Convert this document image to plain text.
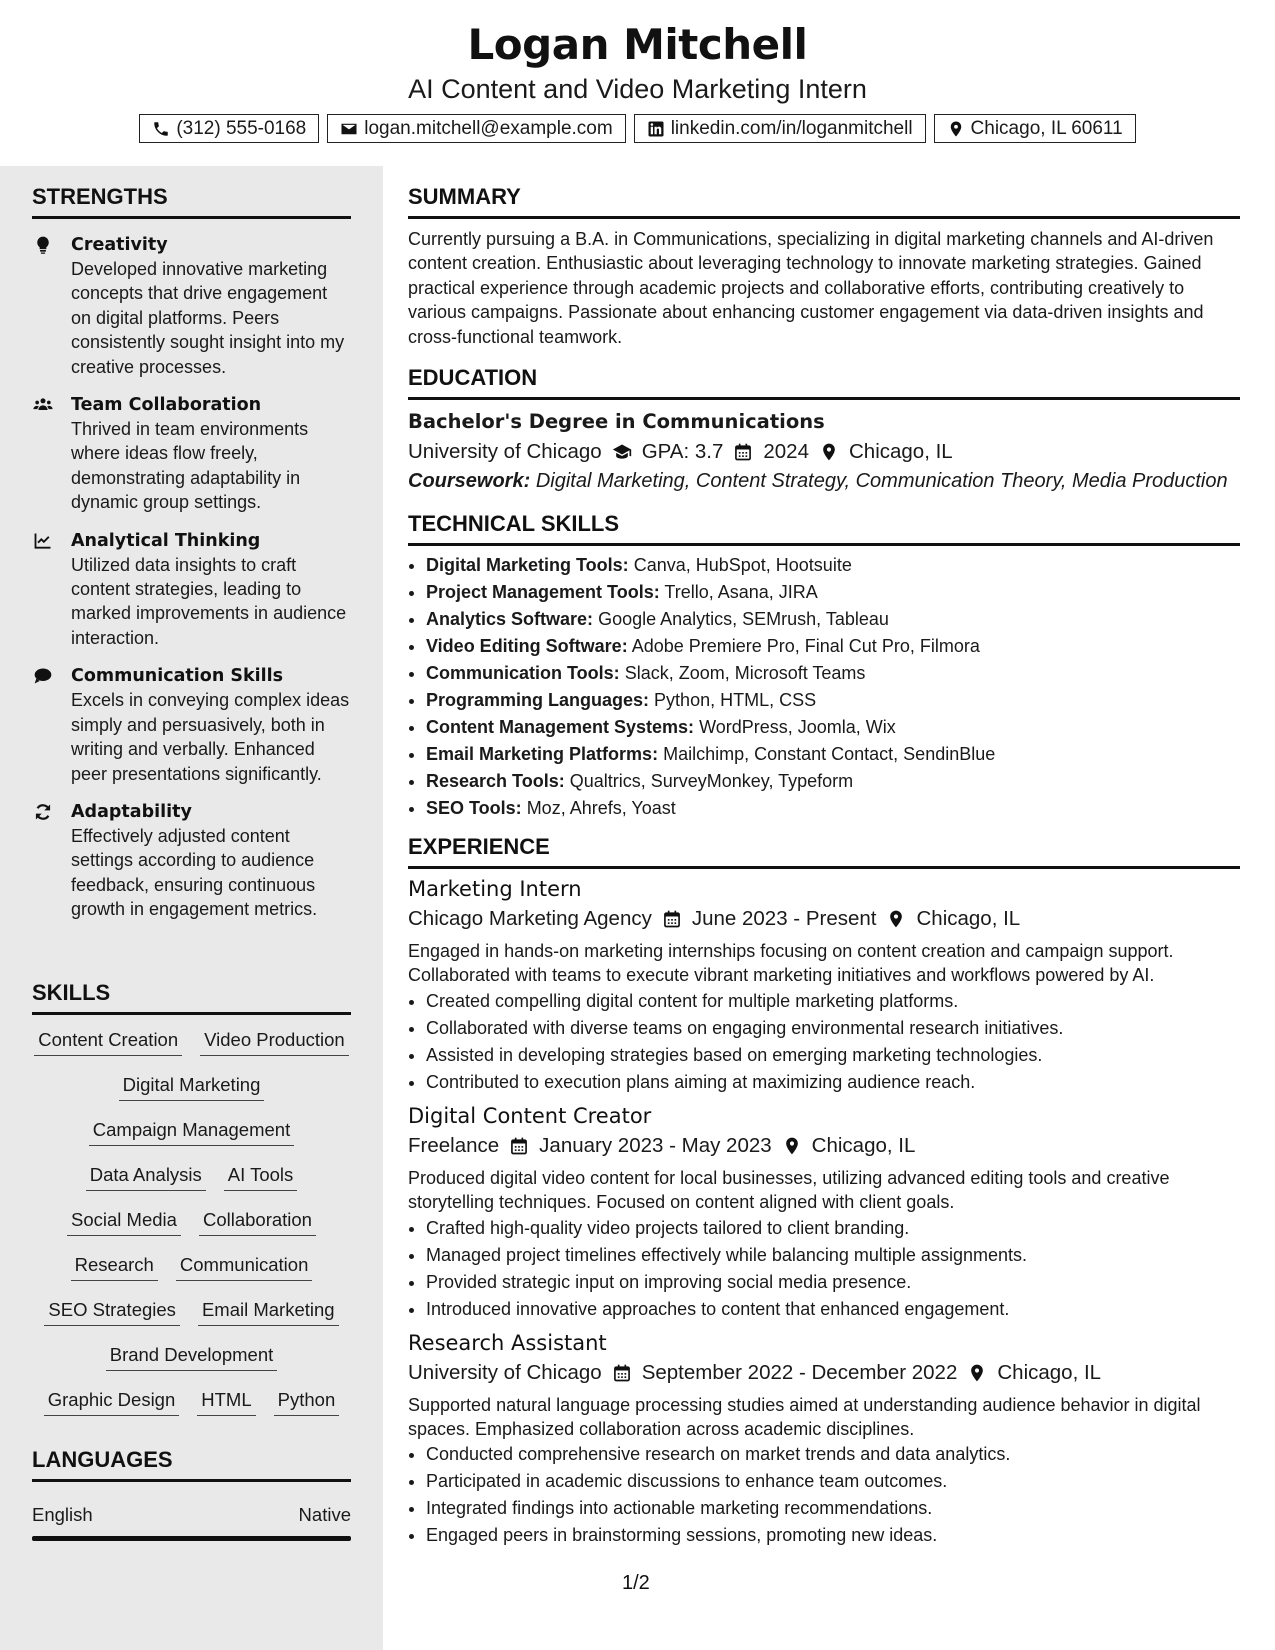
Logan Mitchell
AI Content and Video Marketing Intern
(312) 555-0168	logan.mitchell@example.com	linkedin.com/in/loganmitchell	Chicago, IL 60611
STRENGTHS
Creativity
Developed innovative marketing concepts that drive engagement on digital platforms. Peers consistently sought insight into my creative processes.
Team Collaboration
Thrived in team environments where ideas flow freely, demonstrating adaptability in dynamic group settings.
Analytical Thinking
Utilized data insights to craft content strategies, leading to marked improvements in audience interaction.
Communication Skills
Excels in conveying complex ideas simply and persuasively, both in writing and verbally. Enhanced peer presentations significantly.
Adaptability
Effectively adjusted content settings according to audience feedback, ensuring continuous growth in engagement metrics.
SKILLS
Content Creation Video Production
Digital Marketing
Campaign Management
Data Analysis AI Tools
Social Media Collaboration
Research Communication
SEO Strategies Email Marketing
Brand Development
Graphic Design HTML Python
LANGUAGES
English	Native
SUMMARY
Currently pursuing a B.A. in Communications, specializing in digital marketing channels and AI-driven content creation. Enthusiastic about leveraging technology to innovate marketing strategies. Gained practical experience through academic projects and collaborative efforts, contributing creatively to various campaigns. Passionate about enhancing customer engagement via data-driven insights and cross-functional teamwork.
EDUCATION
Bachelor's Degree in Communications
University of Chicago GPA: 3.7 2024 Chicago, IL
Coursework: Digital Marketing, Content Strategy, Communication Theory, Media Production
TECHNICAL SKILLS
• Digital Marketing Tools: Canva, HubSpot, Hootsuite
• Project Management Tools: Trello, Asana, JIRA
• Analytics Software: Google Analytics, SEMrush, Tableau
• Video Editing Software: Adobe Premiere Pro, Final Cut Pro, Filmora
• Communication Tools: Slack, Zoom, Microsoft Teams
• Programming Languages: Python, HTML, CSS
• Content Management Systems: WordPress, Joomla, Wix
• Email Marketing Platforms: Mailchimp, Constant Contact, SendinBlue
• Research Tools: Qualtrics, SurveyMonkey, Typeform
• SEO Tools: Moz, Ahrefs, Yoast
EXPERIENCE
Marketing Intern
Chicago Marketing Agency June 2023 - Present Chicago, IL
Engaged in hands-on marketing internships focusing on content creation and campaign support. Collaborated with teams to execute vibrant marketing initiatives and workflows powered by AI.
• Created compelling digital content for multiple marketing platforms.
• Collaborated with diverse teams on engaging environmental research initiatives.
• Assisted in developing strategies based on emerging marketing technologies.
• Contributed to execution plans aiming at maximizing audience reach.
Digital Content Creator
Freelance January 2023 - May 2023 Chicago, IL
Produced digital video content for local businesses, utilizing advanced editing tools and creative storytelling techniques. Focused on content aligned with client goals.
• Crafted high-quality video projects tailored to client branding.
• Managed project timelines effectively while balancing multiple assignments.
• Provided strategic input on improving social media presence.
• Introduced innovative approaches to content that enhanced engagement.
Research Assistant
University of Chicago September 2022 - December 2022 Chicago, IL
Supported natural language processing studies aimed at understanding audience behavior in digital spaces. Emphasized collaboration across academic disciplines.
• Conducted comprehensive research on market trends and data analytics.
• Participated in academic discussions to enhance team outcomes.
• Integrated findings into actionable marketing recommendations.
• Engaged peers in brainstorming sessions, promoting new ideas.
1/2
